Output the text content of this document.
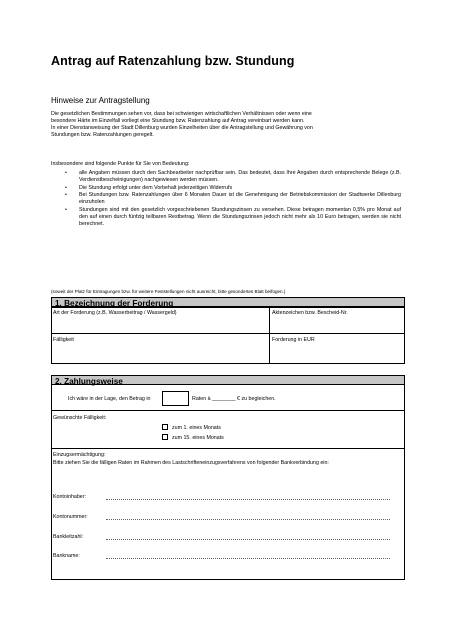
Antrag auf Ratenzahlung bzw. Stundung
Hinweise zur Antragstellung

Die gesetzlichen Bestimmungen sehen vor, dass bei schwierigen wirtschaftlichen Verhältnissen oder wenn eine

besondere Härte im Einzelfall vorliegt eine Stundung bzw. Ratenzahlung auf Antrag vereinbart werden kann.

In einer Dienstanweisung der Stadt Dillenburg wurden Einzelheiten über die Antragstellung und Gewährung von

Stundungen bzw. Ratenzahlungen geregelt.

Insbesondere sind folgende Punkte für Sie von Bedeutung:
• alle Angaben müssen durch den Sachbearbeiter nachprüfbar sein. Das bedeutet, dass Ihre Angaben durch entsprechende Belege (z.B. Verdienstbescheinigungen) nachgewiesen werden müssen.
• Die Stundung erfolgt unter dem Vorbehalt jederzeitigen Widerrufs
• Bei Stundungen bzw. Ratenzahlungen über 6 Monaten Dauer ist die Genehmigung der Betriebskommission der Stadtwerke Dillenburg einzuholen
• Stundungen sind mit den gesetzlich vorgeschriebenen Stundungszinsen zu versehen. Diese betragen momentan 0,5% pro Monat auf den auf einen durch fünfzig teilbaren Restbetrag. Wenn die Stundungszinsen jedoch nicht mehr als 10 Euro betragen, werden sie nicht berechnet.
(soweit der Platz für Eintragungen bzw. für weitere Feststellungen nicht ausreicht, bitte gesondertes Blatt beifügen.)
1. Bezeichnung der Forderung
Art der Forderung (z.B. Wasserbeitrag / Wassergeld)	Aktenzeichen bzw. Bescheid-Nr.
Fälligkeit	Forderung in EUR
2. Zahlungsweise
Ich wäre in der Lage, den Betrag in	Raten à ________ € zu begleichen.
Gewünschte Fälligkeit:
zum 1. eines Monats
zum 15. eines Monats
Einzugsermächtigung:
Bitte ziehen Sie die fälligen Raten im Rahmen des Lastschrifteneinzugsverfahrens von folgender Bankverbindung ein:
Kontoinhaber:
Kontonummer:
Bankleitzahl:
Bankname:
